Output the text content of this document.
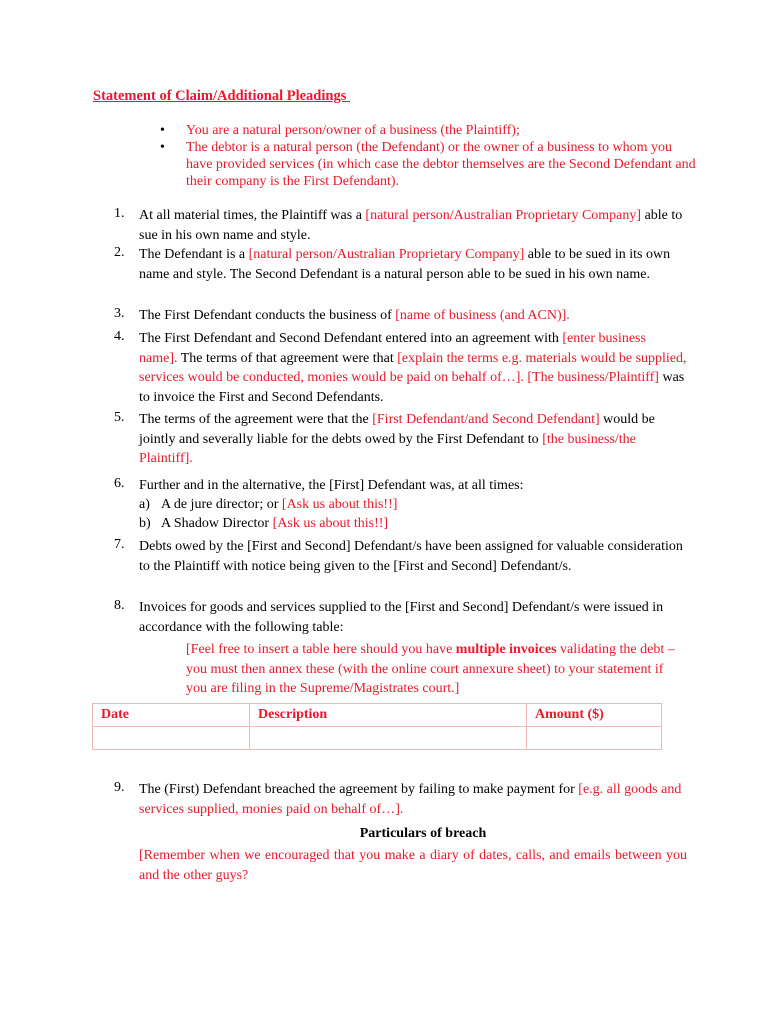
Statement of Claim/Additional Pleadings
• You are a natural person/owner of a business (the Plaintiff);
• The debtor is a natural person (the Defendant) or the owner of a business to whom you have provided services (in which case the debtor themselves are the Second Defendant and their company is the First Defendant).
1.	At all material times, the Plaintiff was a [natural person/Australian Proprietary Company] able to sue in his own name and style.
2.	The Defendant is a [natural person/Australian Proprietary Company] able to be sued in its own name and style. The Second Defendant is a natural person able to be sued in his own name.
3.	The First Defendant conducts the business of [name of business (and ACN)].
4.	The First Defendant and Second Defendant entered into an agreement with [enter business name]. The terms of that agreement were that [explain the terms e.g. materials would be supplied, services would be conducted, monies would be paid on behalf of…]. [The business/Plaintiff] was to invoice the First and Second Defendants.
5.	The terms of the agreement were that the [First Defendant/and Second Defendant] would be jointly and severally liable for the debts owed by the First Defendant to [the business/the Plaintiff].
6.	Further and in the alternative, the [First] Defendant was, at all times:
a) A de jure director; or [Ask us about this!!]
b) A Shadow Director [Ask us about this!!]
7.	Debts owed by the [First and Second] Defendant/s have been assigned for valuable consideration to the Plaintiff with notice being given to the [First and Second] Defendant/s.
8.	Invoices for goods and services supplied to the [First and Second] Defendant/s were issued in accordance with the following table:
[Feel free to insert a table here should you have multiple invoices validating the debt – you must then annex these (with the online court annexure sheet) to your statement if you are filing in the Supreme/Magistrates court.]
Date	Description	Amount ($)

9.	The (First) Defendant breached the agreement by failing to make payment for [e.g. all goods and services supplied, monies paid on behalf of…].
Particulars of breach
[Remember when we encouraged that you make a diary of dates, calls, and emails between you and the other guys?
